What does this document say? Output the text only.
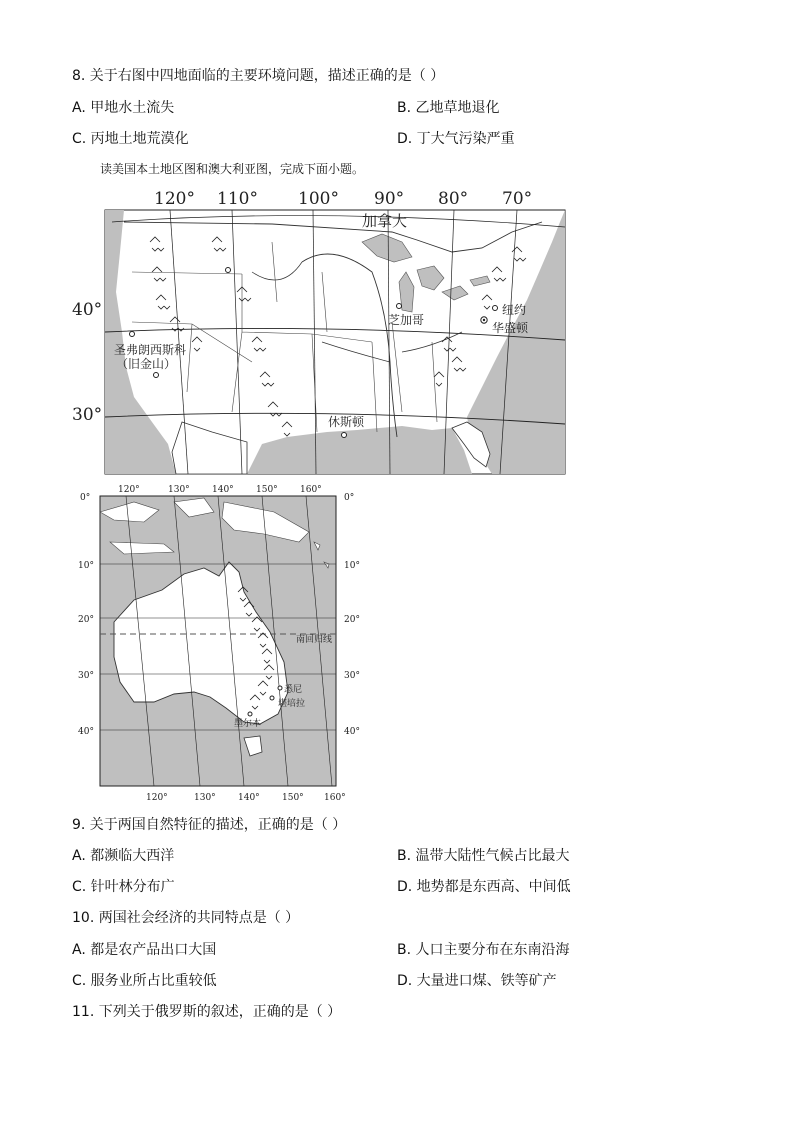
8. 关于右图中四地面临的主要环境问题，描述正确的是（ ）
A. 甲地水土流失	B. 乙地草地退化
C. 丙地土地荒漠化	D. 丁大气污染严重
读美国本土地区图和澳大利亚图，完成下面小题。
120° 110° 100° 90° 80° 70°
40°
30°
加拿大
芝加哥
纽约
华盛顿
圣弗朗西斯科
（旧金山）
休斯顿
120°	130° 140° 150° 160°
0°
10°
20°
30°
40°
0°
10°
20°
30°
40°
120°	130° 140° 150° 160°
南回归线
悉尼
堪培拉
墨尔本
9. 关于两国自然特征的描述，正确的是（ ）
A. 都濒临大西洋	B. 温带大陆性气候占比最大
C. 针叶林分布广	D. 地势都是东西高、中间低
10. 两国社会经济的共同特点是（ ）
A. 都是农产品出口大国	B. 人口主要分布在东南沿海
C. 服务业所占比重较低	D. 大量进口煤、铁等矿产
11. 下列关于俄罗斯的叙述，正确的是（ ）
